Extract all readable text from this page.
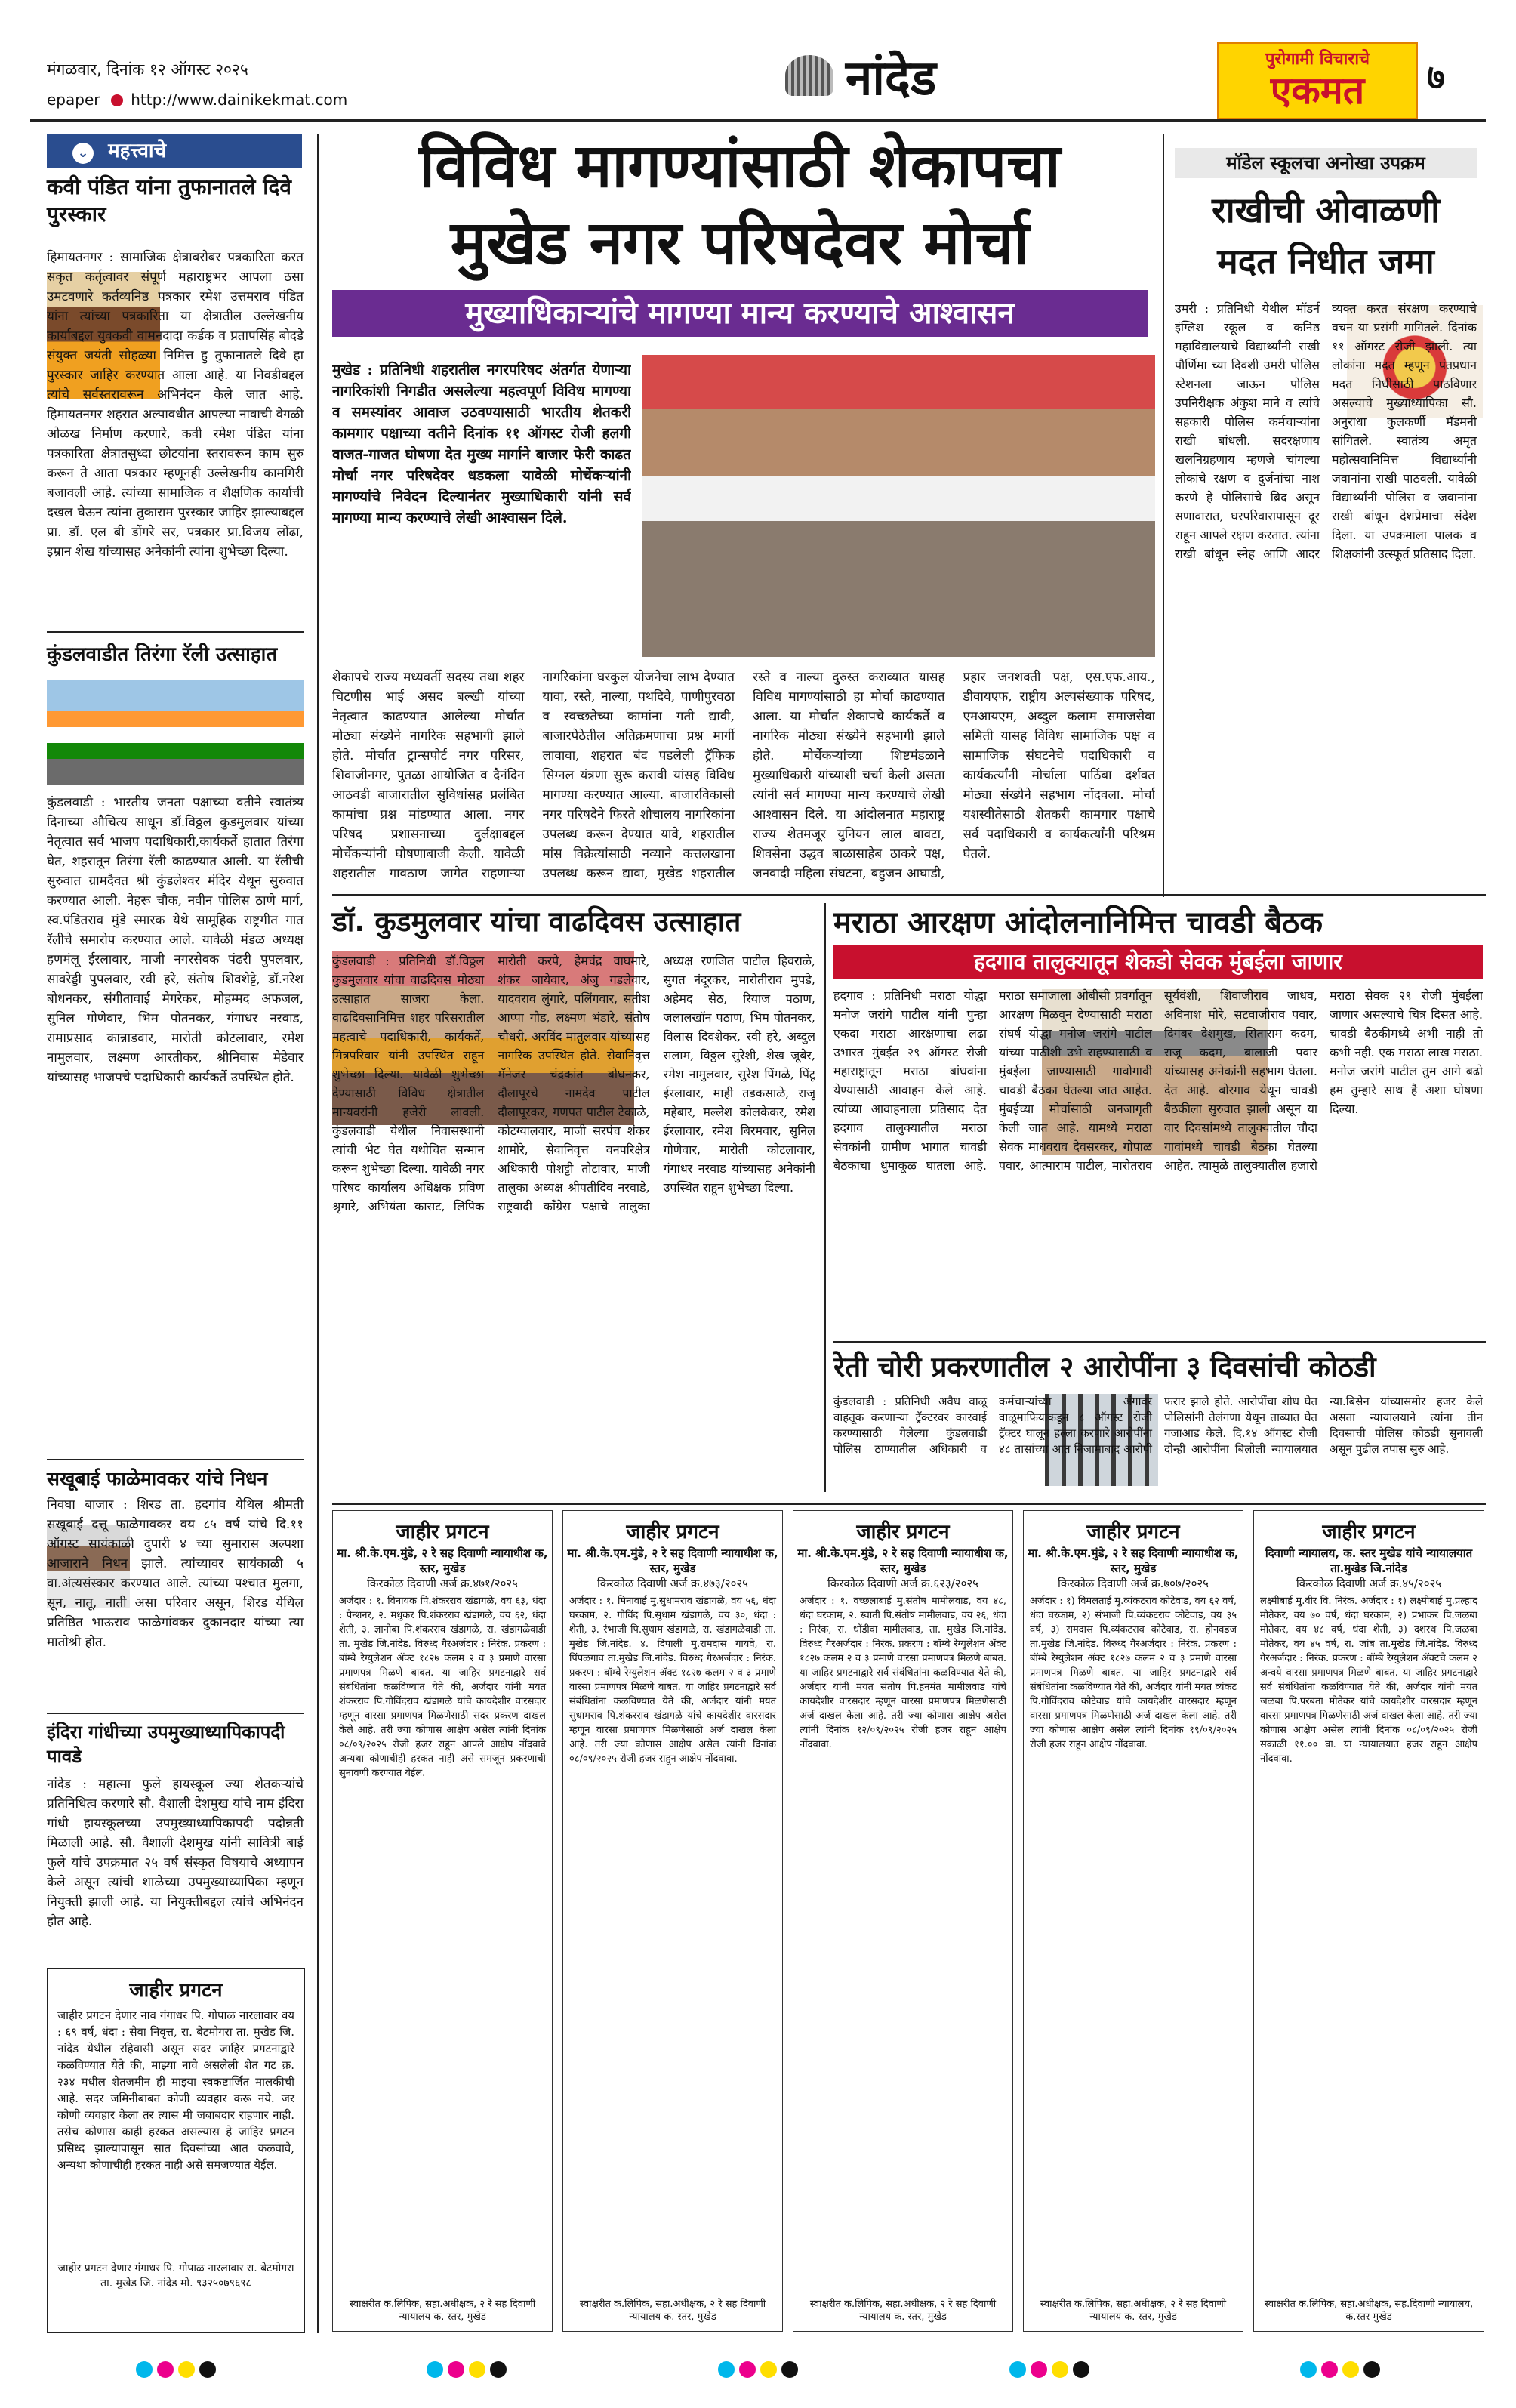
मंगळवार, दिनांक १२ ऑगस्ट २०२५
epaper http://www.dainikekmat.com	नांदेड	पुरोगामी विचाराचे
एकमत	७
⌄ महत्त्वाचे
कवी पंडित यांना तुफानातले दिवे पुरस्कार
हिमायतनगर : सामाजिक क्षेत्राबरोबर पत्रकारिता करत सकृत कर्तृत्वावर संपूर्ण महाराष्ट्रभर आपला ठसा उमटवणारे कर्तव्यनिष्ठ पत्रकार रमेश उत्तमराव पंडित यांना त्यांच्या पत्रकारिता या क्षेत्रातील उल्लेखनीय कार्याबद्दल युवकवी वामनदादा कर्डक व प्रतापसिंह बोदडे संयुक्त जयंती सोहळ्या निमित्त हु तुफानातले दिवे हा पुरस्कार जाहिर करण्यात आला आहे. या निवडीबद्दल त्यांचे सर्वस्तरावरून अभिनंदन केले जात आहे. हिमायतनगर शहरात अल्पावधीत आपल्या नावाची वेगळी ओळख निर्माण करणारे, कवी रमेश पंडित यांना पत्रकारिता क्षेत्रातसुध्दा छोटयांना स्तरावरून काम सुरु करून ते आता पत्रकार म्हणूनही उल्लेखनीय कामगिरी बजावली आहे. त्यांच्या सामाजिक व शैक्षणिक कार्याची दखल घेऊन त्यांना तुकाराम पुरस्कार जाहिर झाल्याबद्दल प्रा. डॉ. एल बी डोंगरे सर, पत्रकार प्रा.विजय लोंढा, इम्रान शेख यांच्यासह अनेकांनी त्यांना शुभेच्छा दिल्या.
कुंडलवाडीत तिरंगा रॅली उत्साहात
कुंडलवाडी : भारतीय जनता पक्षाच्या वतीने स्वातंत्र्य दिनाच्या औचित्य साधून डॉ.विठ्ठल कुडमुलवार यांच्या नेतृत्वात सर्व भाजप पदाधिकारी,कार्यकर्ते हातात तिरंगा घेत, शहरातून तिरंगा रॅली काढण्यात आली. या रॅलीची सुरुवात ग्रामदैवत श्री कुंडलेश्वर मंदिर येथून सुरुवात करण्यात आली. नेहरू चौक, नवीन पोलिस ठाणे मार्ग, स्व.पंडितराव मुंडे स्मारक येथे सामूहिक राष्ट्रगीत गात रॅलीचे समारोप करण्यात आले. यावेळी मंडळ अध्यक्ष हणमंलू ईरलावार, माजी नगरसेवक पंढरी पुपलवार, सावरेड्डी पुपलवार, रवी हरे, संतोष शिवशेट्टे, डॉ.नरेश बोधनकर, संगीतावाई मेगरेकर, मोहम्मद अफजल, सुनिल गोणेवार, भिम पोतनकर, गंगाधर नरवाड, रामाप्रसाद कान्नाडवार, मारोती कोटलावार, रमेश नामुलवार, लक्ष्मण आरतीकर, श्रीनिवास मेडेवार यांच्यासह भाजपचे पदाधिकारी कार्यकर्ते उपस्थित होते.
सखूबाई फाळेमावकर यांचे निधन
निवघा बाजार : शिरड ता. हदगांव येथिल श्रीमती सखूबाई दत्तू फाळेगावकर वय ८५ वर्ष यांचे दि.११ ऑगस्ट सायंकाळी दुपारी ४ च्या सुमारास अल्पशा आजाराने निधन झाले. त्यांच्यावर सायंकाळी ५ वा.अंत्यसंस्कार करण्यात आले. त्यांच्या पश्चात मुलगा, सून, नातू, नाती असा परिवार असून, शिरड येथिल प्रतिष्ठित भाऊराव फाळेगांवकर दुकानदार यांच्या त्या मातोश्री होत.
इंदिरा गांधीच्या उपमुख्याध्यापिकापदी पावडे
नांदेड : महात्मा फुले हायस्कूल ज्या शेतकऱ्यांचे प्रतिनिधित्व करणारे सौ. वैशाली देशमुख यांचे नाम इंदिरा गांधी हायस्कूलच्या उपमुख्याध्यापिकापदी पदोन्नती मिळाली आहे. सौ. वैशाली देशमुख यांनी सावित्री बाई फुले यांचे उपक्रमात २५ वर्ष संस्कृत विषयाचे अध्यापन केले असून त्यांची शाळेच्या उपमुख्याध्यापिका म्हणून नियुक्ती झाली आहे. या नियुक्तीबद्दल त्यांचे अभिनंदन होत आहे.
जाहीर प्रगटन
जाहीर प्रगटन देणार नाव गंगाधर पि. गोपाळ नारलावार वय : ६९ वर्ष, धंदा : सेवा निवृत्त, रा. बेटमोगरा ता. मुखेड जि. नांदेड येथील रहिवासी असून सदर जाहिर प्रगटनाद्वारे कळविण्यात येते की, माझ्या नावे असलेली शेत गट क्र. २३४ मधील शेतजमीन ही माझ्या स्वकष्टार्जित मालकीची आहे. सदर जमिनीबाबत कोणी व्यवहार करू नये. जर कोणी व्यवहार केला तर त्यास मी जबाबदार राहणार नाही. तसेच कोणास काही हरकत असल्यास हे जाहिर प्रगटन प्रसिध्द झाल्यापासून सात दिवसांच्या आत कळवावे, अन्यथा कोणाचीही हरकत नाही असे समजण्यात येईल.
जाहीर प्रगटन देणार गंगाधर पि. गोपाळ नारलावार रा. बेटमोगरा ता. मुखेड जि. नांदेड मो. ९३२५०७९६९८
विविध मागण्यांसाठी शेकापचा
मुखेड नगर परिषदेवर मोर्चा
मुख्याधिकाऱ्यांचे मागण्या मान्य करण्याचे आश्वासन
मुखेड : प्रतिनिधी शहरातील नगरपरिषद अंतर्गत येणाऱ्या नागरिकांशी निगडीत असलेल्या महत्वपूर्ण विविध मागण्या व समस्यांवर आवाज उठवण्यासाठी भारतीय शेतकरी कामगार पक्षाच्या वतीने दिनांक ११ ऑगस्ट रोजी हलगी वाजत-गाजत घोषणा देत मुख्य मार्गाने बाजार फेरी काढत मोर्चा नगर परिषदेवर धडकला यावेळी मोर्चेकऱ्यांनी मागण्यांचे निवेदन दिल्यानंतर मुख्याधिकारी यांनी सर्व मागण्या मान्य करण्याचे लेखी आश्वासन दिले.
शेकापचे राज्य मध्यवर्ती सदस्य तथा शहर चिटणीस भाई असद बल्खी यांच्या नेतृत्वात काढण्यात आलेल्या मोर्चात मोठ्या संख्येने नागरिक सहभागी झाले होते. मोर्चात ट्रान्सपोर्ट नगर परिसर, शिवाजीनगर, पुतळा आयोजित व दैनंदिन आठवडी बाजारातील सुविधांसह प्रलंबित कामांचा प्रश्न मांडण्यात आला. नगर परिषद प्रशासनाच्या दुर्लक्षाबद्दल मोर्चेकऱ्यांनी घोषणाबाजी केली. यावेळी शहरातील गावठाण जागेत राहणाऱ्या नागरिकांना घरकुल योजनेचा लाभ देण्यात यावा, रस्ते, नाल्या, पथदिवे, पाणीपुरवठा व स्वच्छतेच्या कामांना गती द्यावी, बाजारपेठेतील अतिक्रमणाचा प्रश्न मार्गी लावावा, शहरात बंद पडलेली ट्रॅफिक सिग्नल यंत्रणा सुरू करावी यांसह विविध मागण्या करण्यात आल्या. बाजारविकासी नगर परिषदेने फिरते शौचालय नागरिकांना उपलब्ध करून देण्यात यावे, शहरातील मांस विक्रेत्यांसाठी नव्याने कत्तलखाना उपलब्ध करून द्यावा, मुखेड शहरातील रस्ते व नाल्या दुरुस्त कराव्यात यासह विविध मागण्यांसाठी हा मोर्चा काढण्यात आला. या मोर्चात शेकापचे कार्यकर्ते व नागरिक मोठ्या संख्येने सहभागी झाले होते. मोर्चेकऱ्यांच्या शिष्टमंडळाने मुख्याधिकारी यांच्याशी चर्चा केली असता त्यांनी सर्व मागण्या मान्य करण्याचे लेखी आश्वासन दिले. या आंदोलनात महाराष्ट्र राज्य शेतमजूर युनियन लाल बावटा, शिवसेना उद्धव बाळासाहेब ठाकरे पक्ष, जनवादी महिला संघटना, बहुजन आघाडी, प्रहार जनशक्ती पक्ष, एस.एफ.आय., डीवायएफ, राष्ट्रीय अल्पसंख्याक परिषद, एमआयएम, अब्दुल कलाम समाजसेवा समिती यासह विविध सामाजिक पक्ष व सामाजिक संघटनेचे पदाधिकारी व कार्यकर्त्यांनी मोर्चाला पाठिंबा दर्शवत मोठ्या संख्येने सहभाग नोंदवला. मोर्चा यशस्वीतेसाठी शेतकरी कामगार पक्षाचे सर्व पदाधिकारी व कार्यकर्त्यांनी परिश्रम घेतले.
मॉडेल स्कूलचा अनोखा उपक्रम
राखीची ओवाळणी
मदत निधीत जमा
उमरी : प्रतिनिधी येथील मॉडर्न इंग्लिश स्कूल व कनिष्ठ महाविद्यालयाचे विद्यार्थ्यांनी राखी पौर्णिमा च्या दिवशी उमरी पोलिस स्टेशनला जाऊन पोलिस उपनिरीक्षक अंकुश माने व त्यांचे सहकारी पोलिस कर्मचाऱ्यांना राखी बांधली. सदरक्षणाय खलनिग्रहणाय म्हणजे चांगल्या लोकांचे रक्षण व दुर्जनांचा नाश करणे हे पोलिसांचे ब्रिद असून सणावारात, घरपरिवारापासून दूर राहून आपले रक्षण करतात. त्यांना राखी बांधून स्नेह आणि आदर व्यक्त करत संरक्षण करण्याचे वचन या प्रसंगी मागितले. दिनांक ११ ऑगस्ट रोजी झाली. त्या लोकांना मदत म्हणून पंतप्रधान मदत निधीसाठी पाठविणार असल्याचे मुख्याध्यापिका सौ. अनुराधा कुलकर्णी मॅडमनी सांगितले. स्वातंत्र्य अमृत महोत्सवानिमित्त विद्यार्थ्यांनी जवानांना राखी पाठवली. यावेळी विद्यार्थ्यांनी पोलिस व जवानांना राखी बांधून देशप्रेमाचा संदेश दिला. या उपक्रमाला पालक व शिक्षकांनी उत्स्फूर्त प्रतिसाद दिला.
डॉ. कुडमुलवार यांचा वाढदिवस उत्साहात
कुंडलवाडी : प्रतिनिधी डॉ.विठ्ठल कुडमुलवार यांचा वाढदिवस मोठ्या उत्साहात साजरा केला. वाढदिवसानिमित्त शहर परिसरातील महत्वाचे पदाधिकारी, कार्यकर्ते, मित्रपरिवार यांनी उपस्थित राहून शुभेच्छा दिल्या. यावेळी शुभेच्छा देण्यासाठी विविध क्षेत्रातील मान्यवरांनी हजेरी लावली. कुंडलवाडी येथील निवासस्थानी त्यांची भेट घेत यथोचित सन्मान करून शुभेच्छा दिल्या. यावेळी नगर परिषद कार्यालय अधिक्षक प्रविण श्रृगारे, अभियंता कासट, लिपिक मारोती करपे, हेमचंद्र वाघमारे, शंकर जायेवार, अंजु गडलेवार, यादवराव लुंगारे, पलिंगवार, सतीश आप्पा गौड, लक्ष्मण भंडारे, संतोष चौधरी, अरविंद मातुलवार यांच्यासह नागरिक उपस्थित होते. सेवानिवृत्त मॅनेजर चंद्रकांत बोधनकर, दौलापूरचे नामदेव पाटील दौलापूरकर, गणपत पाटील टेकाळे, कोटग्यालवार, माजी सरपंच शंकर शामोरे, सेवानिवृत्त वनपरिक्षेत्र अधिकारी पोशट्टी तोटावार, माजी तालुका अध्यक्ष श्रीपतीदिव नरवाडे, राष्ट्रवादी काँग्रेस पक्षाचे तालुका अध्यक्ष रणजित पाटील हिवराळे, सुगत नंदूरकर, मारोतीराव मुपडे, अहेमद सेठ, रियाज पठाण, जलालखॉन पठाण, भिम पोतनकर, विलास दिवशेकर, रवी हरे, अब्दुल सलाम, विठ्ठल सुरेशी, शेख जूबेर, रमेश नामुलवार, सुरेश पिंगळे, पिंटू ईरलावार, माही तडकसाळे, राजू महेबार, मल्लेश कोलकेकर, रमेश ईरलावार, रमेश बिरमवार, सुनिल गोणेवार, मारोती कोटलावार, गंगाधर नरवाड यांच्यासह अनेकांनी उपस्थित राहून शुभेच्छा दिल्या.
मराठा आरक्षण आंदोलनानिमित्त चावडी बैठक
हदगाव तालुक्यातून शेकडो सेवक मुंबईला जाणार
हदगाव : प्रतिनिधी मराठा योद्धा मनोज जरांगे पाटील यांनी पुन्हा एकदा मराठा आरक्षणाचा लढा उभारत मुंबईत २९ ऑगस्ट रोजी महाराष्ट्रातून मराठा बांधवांना येण्यासाठी आवाहन केले आहे. त्यांच्या आवाहनाला प्रतिसाद देत हदगाव तालुक्यातील मराठा सेवकांनी ग्रामीण भागात चावडी बैठकाचा धुमाकूळ घातला आहे. मराठा समाजाला ओबीसी प्रवर्गातून आरक्षण मिळवून देण्यासाठी मराठा संघर्ष योद्धा मनोज जरांगे पाटील यांच्या पाठीशी उभे राहण्यासाठी व मुंबईला जाण्यासाठी गावोगावी चावडी बैठका घेतल्या जात आहेत. मुंबईच्या मोर्चासाठी जनजागृती केली जात आहे. यामध्ये मराठा सेवक माधवराव देवसरकर, गोपाळ पवार, आत्माराम पाटील, मारोतराव सूर्यवंशी, शिवाजीराव जाधव, अविनाश मोरे, सटवाजीराव पवार, दिगंबर देशमुख, सिताराम कदम, राजू कदम, बालाजी पवार यांच्यासह अनेकांनी सहभाग घेतला. देत आहे. बोरगाव येथून चावडी बैठकीला सुरुवात झाली असून या वार दिवसांमध्ये तालुक्यातील चौदा गावांमध्ये चावडी बैठका घेतल्या आहेत. त्यामुळे तालुक्यातील हजारो मराठा सेवक २९ रोजी मुंबईला जाणार असल्याचे चित्र दिसत आहे. चावडी बैठकीमध्ये अभी नाही तो कभी नही. एक मराठा लाख मराठा. मनोज जरांगे पाटील तुम आगे बढो हम तुम्हारे साथ है अशा घोषणा दिल्या.
रेती चोरी प्रकरणातील २ आरोपींना ३ दिवसांची कोठडी
कुंडलवाडी : प्रतिनिधी अवैध वाळू वाहतूक करणाऱ्या ट्रॅक्टरवर कारवाई करण्यासाठी गेलेल्या कुंडलवाडी पोलिस ठाण्यातील अधिकारी व कर्मचाऱ्यांच्या अंगावर वाळूमाफियाकडून ८ ऑगस्ट रोजी ट्रॅक्टर घालून हल्ला करणारे आरोपींना ४८ तासांच्या आत निजामाबाद आरोपी फरार झाले होते. आरोपींचा शोध घेत पोलिसांनी तेलंगणा येथून ताब्यात घेत गजाआड केले. दि.१४ ऑगस्ट रोजी दोन्ही आरोपींना बिलोली न्यायालयात न्या.बिसेन यांच्यासमोर हजर केले असता न्यायालयाने त्यांना तीन दिवसाची पोलिस कोठडी सुनावली असून पुढील तपास सुरु आहे.
जाहीर प्रगटन
मा. श्री.के.एम.मुंडे, २ रे सह दिवाणी न्यायाधीश क, स्तर, मुखेड
किरकोळ दिवाणी अर्ज क्र.४७१/२०२५
अर्जदार : १. विनायक पि.शंकरराव खंडागळे, वय ६३, धंदा : पेन्शनर, २. मधुकर पि.शंकरराव खंडागळे, वय ६२, धंदा शेती, ३. ज्ञानोबा पि.शंकरराव खंडागळे, रा. खंडागळेवाडी ता. मुखेड जि.नांदेड. विरुध्द गैरअर्जदार : निरंक. प्रकरण : बॉम्बे रेग्युलेशन ॲक्ट १८२७ कलम २ व ३ प्रमाणे वारसा प्रमाणपत्र मिळणे बाबत. या जाहिर प्रगटनाद्वारे सर्व संबंधितांना कळविण्यात येते की, अर्जदार यांनी मयत शंकरराव पि.गोविंदराव खंडागळे यांचे कायदेशीर वारसदार म्हणून वारसा प्रमाणपत्र मिळणेसाठी सदर प्रकरण दाखल केले आहे. तरी ज्या कोणास आक्षेप असेल त्यांनी दिनांक ०८/०९/२०२५ रोजी हजर राहून आपले आक्षेप नोंदवावे अन्यथा कोणाचीही हरकत नाही असे समजून प्रकरणाची सुनावणी करण्यात येईल.
स्वाक्षरीत क.लिपिक, सहा.अधीक्षक, २ रे सह दिवाणी न्यायालय क. स्तर, मुखेड
जाहीर प्रगटन
मा. श्री.के.एम.मुंडे, २ रे सह दिवाणी न्यायाधीश क, स्तर, मुखेड
किरकोळ दिवाणी अर्ज क्र.४७३/२०२५
अर्जदार : १. मिनावाई मु.सुधामराव खंडागळे, वय ५६, धंदा घरकाम, २. गोविंद पि.सुधाम खंडागळे, वय ३०, धंदा : शेती, ३. रंभाजी पि.सुधाम खंडागळे, रा. खंडागळेवाडी ता. मुखेड जि.नांदेड. ४. दिपाली मु.रामदास गायवे, रा. पिंपळगाव ता.मुखेड जि.नांदेड. विरुध्द गैरअर्जदार : निरंक. प्रकरण : बॉम्बे रेग्युलेशन ॲक्ट १८२७ कलम २ व ३ प्रमाणे वारसा प्रमाणपत्र मिळणे बाबत. या जाहिर प्रगटनाद्वारे सर्व संबंधितांना कळविण्यात येते की, अर्जदार यांनी मयत सुधामराव पि.शंकरराव खंडागळे यांचे कायदेशीर वारसदार म्हणून वारसा प्रमाणपत्र मिळणेसाठी अर्ज दाखल केला आहे. तरी ज्या कोणास आक्षेप असेल त्यांनी दिनांक ०८/०९/२०२५ रोजी हजर राहून आक्षेप नोंदवावा.
स्वाक्षरीत क.लिपिक, सहा.अधीक्षक, २ रे सह दिवाणी न्यायालय क. स्तर, मुखेड
जाहीर प्रगटन
मा. श्री.के.एम.मुंडे, २ रे सह दिवाणी न्यायाधीश क, स्तर, मुखेड
किरकोळ दिवाणी अर्ज क्र.६२३/२०२५
अर्जदार : १. वच्छलाबाई मु.संतोष मामीलवाड, वय ४८, धंदा घरकाम, २. स्वाती पि.संतोष मामीलवाड, वय २६, धंदा : निरंक, रा. धोंडीवा मामीलवाड, ता. मुखेड जि.नांदेड. विरुध्द गैरअर्जदार : निरंक. प्रकरण : बॉम्बे रेग्युलेशन ॲक्ट १८२७ कलम २ व ३ प्रमाणे वारसा प्रमाणपत्र मिळणे बाबत. या जाहिर प्रगटनाद्वारे सर्व संबंधितांना कळविण्यात येते की, अर्जदार यांनी मयत संतोष पि.हनमंत मामीलवाड यांचे कायदेशीर वारसदार म्हणून वारसा प्रमाणपत्र मिळणेसाठी अर्ज दाखल केला आहे. तरी ज्या कोणास आक्षेप असेल त्यांनी दिनांक १२/०९/२०२५ रोजी हजर राहून आक्षेप नोंदवावा.
स्वाक्षरीत क.लिपिक, सहा.अधीक्षक, २ रे सह दिवाणी न्यायालय क. स्तर, मुखेड
जाहीर प्रगटन
मा. श्री.के.एम.मुंडे, २ रे सह दिवाणी न्यायाधीश क, स्तर, मुखेड
किरकोळ दिवाणी अर्ज क्र.७०७/२०२५
अर्जदार : १) विमलताई मु.व्यंकटराव कोटेवाड, वय ६२ वर्ष, धंदा घरकाम, २) संभाजी पि.व्यंकटराव कोटेवाड, वय ३५ वर्ष, ३) रामदास पि.व्यंकटराव कोटेवाड, रा. होनवडज ता.मुखेड जि.नांदेड. विरुध्द गैरअर्जदार : निरंक. प्रकरण : बॉम्बे रेग्युलेशन ॲक्ट १८२७ कलम २ व ३ प्रमाणे वारसा प्रमाणपत्र मिळणे बाबत. या जाहिर प्रगटनाद्वारे सर्व संबंधितांना कळविण्यात येते की, अर्जदार यांनी मयत व्यंकट पि.गोविंदराव कोटेवाड यांचे कायदेशीर वारसदार म्हणून वारसा प्रमाणपत्र मिळणेसाठी अर्ज दाखल केला आहे. तरी ज्या कोणास आक्षेप असेल त्यांनी दिनांक १९/०९/२०२५ रोजी हजर राहून आक्षेप नोंदवावा.
स्वाक्षरीत क.लिपिक, सहा.अधीक्षक, २ रे सह दिवाणी न्यायालय क. स्तर, मुखेड
जाहीर प्रगटन
दिवाणी न्यायालय, क. स्तर मुखेड यांचे न्यायालयात ता.मुखेड जि.नांदेड
किरकोळ दिवाणी अर्ज क्र.४५/२०२५
लक्ष्मीबाई मु.वीर वि. निरंक. अर्जदार : १) लक्ष्मीबाई मु.प्रल्हाद मोतेकर, वय ७० वर्ष, धंदा घरकाम, २) प्रभाकर पि.जळबा मोतेकर, वय ४८ वर्ष, धंदा शेती, ३) दशरथ पि.जळबा मोतेकर, वय ४५ वर्ष, रा. जांब ता.मुखेड जि.नांदेड. विरुध्द गैरअर्जदार : निरंक. प्रकरण : बॉम्बे रेग्युलेशन ॲक्टचे कलम २ अन्वये वारसा प्रमाणपत्र मिळणे बाबत. या जाहिर प्रगटनाद्वारे सर्व संबंधितांना कळविण्यात येते की, अर्जदार यांनी मयत जळबा पि.परबता मोतेकर यांचे कायदेशीर वारसदार म्हणून वारसा प्रमाणपत्र मिळणेसाठी अर्ज दाखल केला आहे. तरी ज्या कोणास आक्षेप असेल त्यांनी दिनांक ०८/०९/२०२५ रोजी सकाळी ११.०० वा. या न्यायालयात हजर राहून आक्षेप नोंदवावा.
स्वाक्षरीत क.लिपिक, सहा.अधीक्षक, सह.दिवाणी न्यायालय, क.स्तर मुखेड
